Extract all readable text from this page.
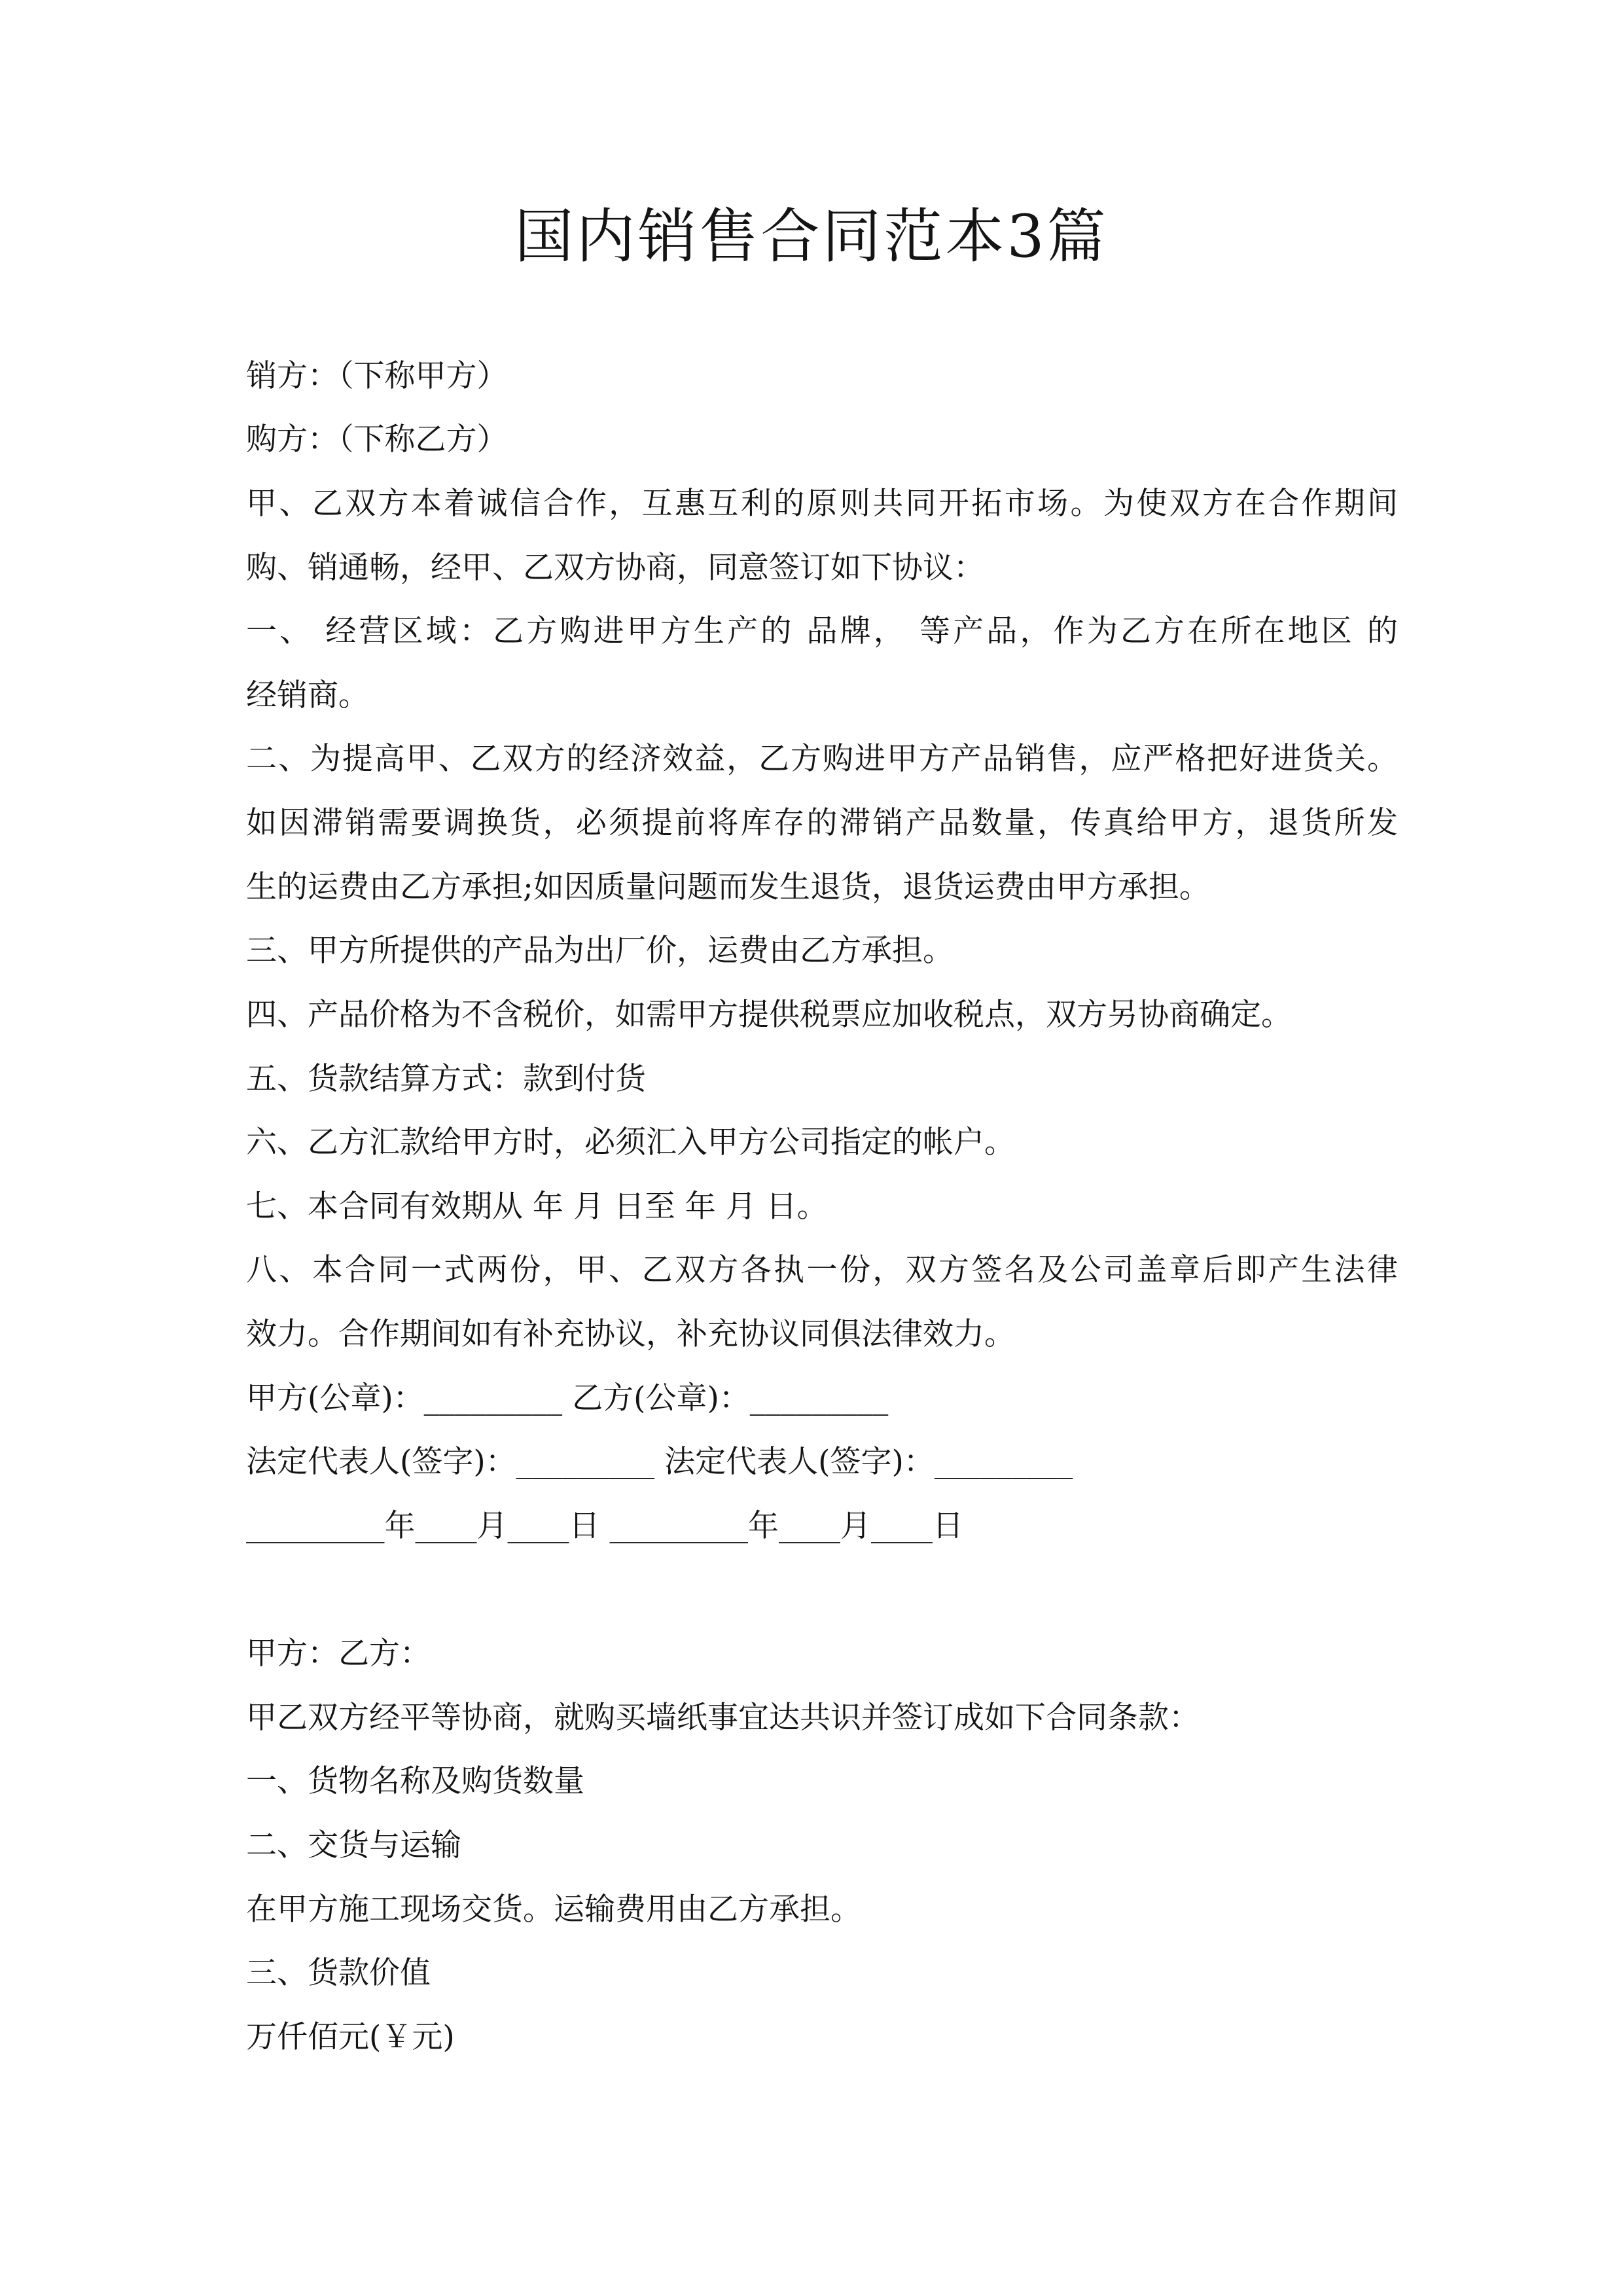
国内销售合同范本3篇
销方：（下称甲方）
购方：（下称乙方）
甲、乙双方本着诚信合作，互惠互利的原则共同开拓市场。为使双方在合作期间
购、销通畅，经甲、乙双方协商，同意签订如下协议：
一、 经营区域：乙方购进甲方生产的 品牌， 等产品，作为乙方在所在地区 的
经销商。
二、为提高甲、乙双方的经济效益，乙方购进甲方产品销售，应严格把好进货关。
如因滞销需要调换货，必须提前将库存的滞销产品数量，传真给甲方，退货所发
生的运费由乙方承担;如因质量问题而发生退货，退货运费由甲方承担。
三、甲方所提供的产品为出厂价，运费由乙方承担。
四、产品价格为不含税价，如需甲方提供税票应加收税点，双方另协商确定。
五、货款结算方式：款到付货
六、乙方汇款给甲方时，必须汇入甲方公司指定的帐户。
七、本合同有效期从 年 月 日至 年 月 日。
八、本合同一式两份，甲、乙双方各执一份，双方签名及公司盖章后即产生法律
效力。合作期间如有补充协议，补充协议同俱法律效力。
甲方(公章)：_________ 乙方(公章)：_________
法定代表人(签字)：_________ 法定代表人(签字)：_________
_________年____月____日 _________年____月____日
甲方：乙方：
甲乙双方经平等协商，就购买墙纸事宜达共识并签订成如下合同条款：
一、货物名称及购货数量
二、交货与运输
在甲方施工现场交货。运输费用由乙方承担。
三、货款价值
万仟佰元(￥元)
